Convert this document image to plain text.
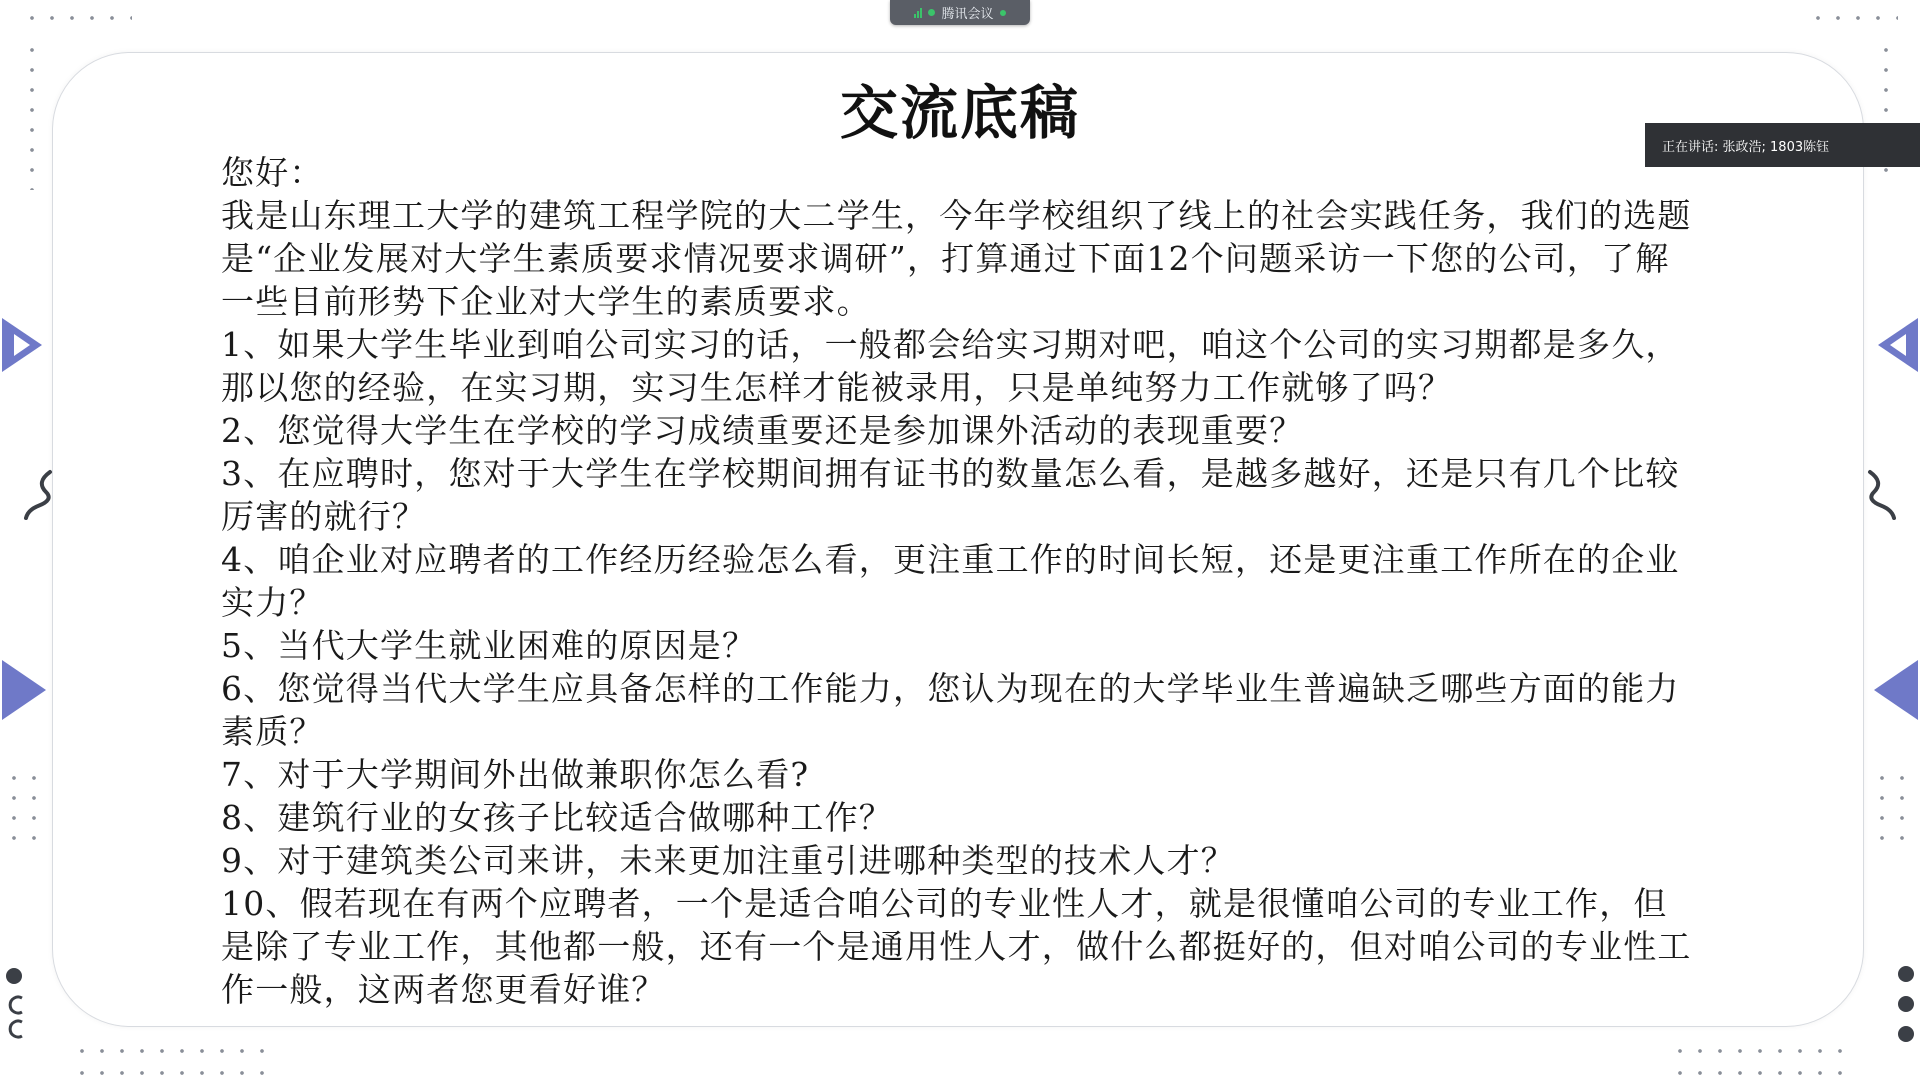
交流底稿

您好：

我是山东理工大学的建筑工程学院的大二学生，今年学校组织了线上的社会实践任务，我们的选题是“企业发展对大学生素质要求情况要求调研”，打算通过下面12个问题采访一下您的公司，了解一些目前形势下企业对大学生的素质要求。

1、如果大学生毕业到咱公司实习的话，一般都会给实习期对吧，咱这个公司的实习期都是多久，那以您的经验，在实习期，实习生怎样才能被录用，只是单纯努力工作就够了吗？

2、您觉得大学生在学校的学习成绩重要还是参加课外活动的表现重要？

3、在应聘时，您对于大学生在学校期间拥有证书的数量怎么看，是越多越好，还是只有几个比较厉害的就行？

4、咱企业对应聘者的工作经历经验怎么看，更注重工作的时间长短，还是更注重工作所在的企业实力？

5、当代大学生就业困难的原因是？

6、您觉得当代大学生应具备怎样的工作能力，您认为现在的大学毕业生普遍缺乏哪些方面的能力素质？

7、对于大学期间外出做兼职你怎么看?

8、建筑行业的女孩子比较适合做哪种工作？

9、对于建筑类公司来讲，未来更加注重引进哪种类型的技术人才？

10、假若现在有两个应聘者，一个是适合咱公司的专业性人才，就是很懂咱公司的专业工作，但是除了专业工作，其他都一般，还有一个是通用性人才，做什么都挺好的，但对咱公司的专业性工作一般，这两者您更看好谁？

腾讯会议
正在讲话: 张政浩; 1803陈钰
